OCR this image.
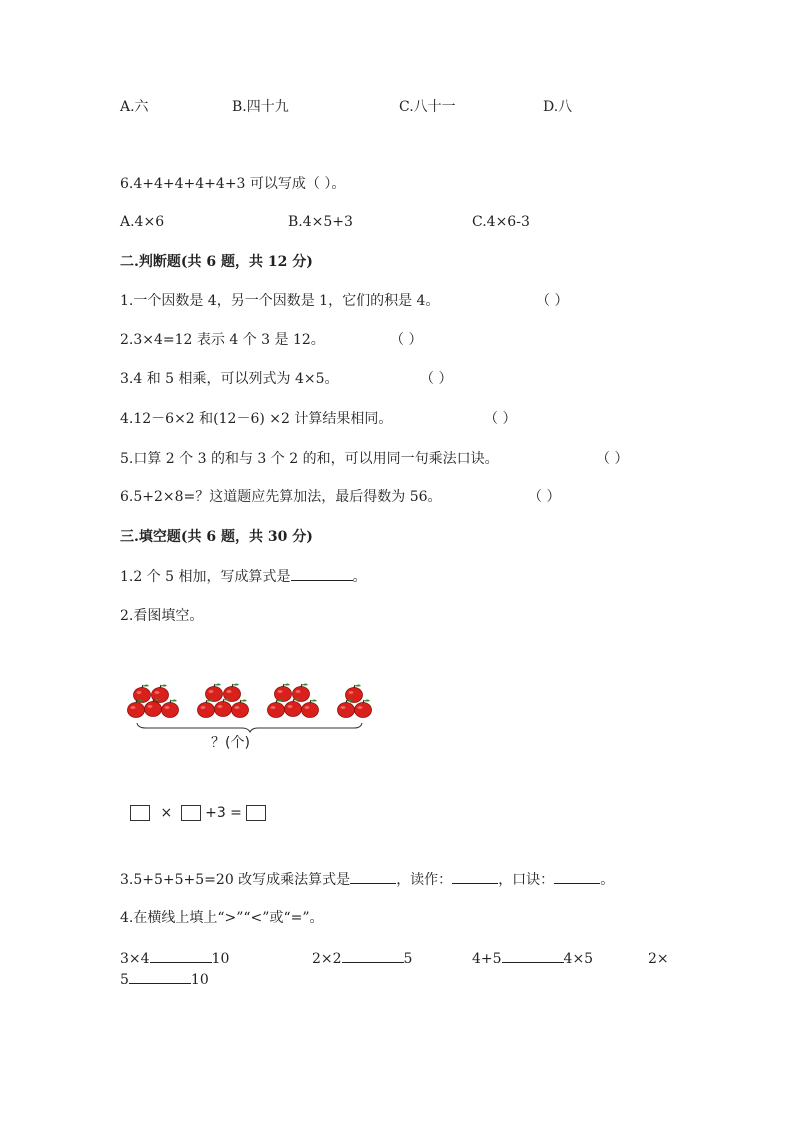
A.六	B.四十九	C.八十一	D.八
6.4+4+4+4+4+3 可以写成（ ）。
A.4×6	B.4×5+3	C.4×6-3
二.判断题(共 6 题，共 12 分)
1.一个因数是 4，另一个因数是 1，它们的积是 4。	（ ）
2.3×4=12 表示 4 个 3 是 12。	（ ）
3.4 和 5 相乘，可以列式为 4×5。	（ ）
4.12－6×2 和(12－6) ×2 计算结果相同。	（ ）
5.口算 2 个 3 的和与 3 个 2 的和，可以用同一句乘法口诀。	（ ）
6.5+2×8=？这道题应先算加法，最后得数为 56。	（ ）
三.填空题(共 6 题，共 30 分)
1.2 个 5 相加，写成算式是	。
2.看图填空。
？(个)
× +3 =
3.5+5+5+5=20 改写成乘法算式是	，读作：	，口诀：	。
4.在横线上填上“>”“<”或“=”。
3×4	10	2×2	5	4+5	4×5	2×
5	10
